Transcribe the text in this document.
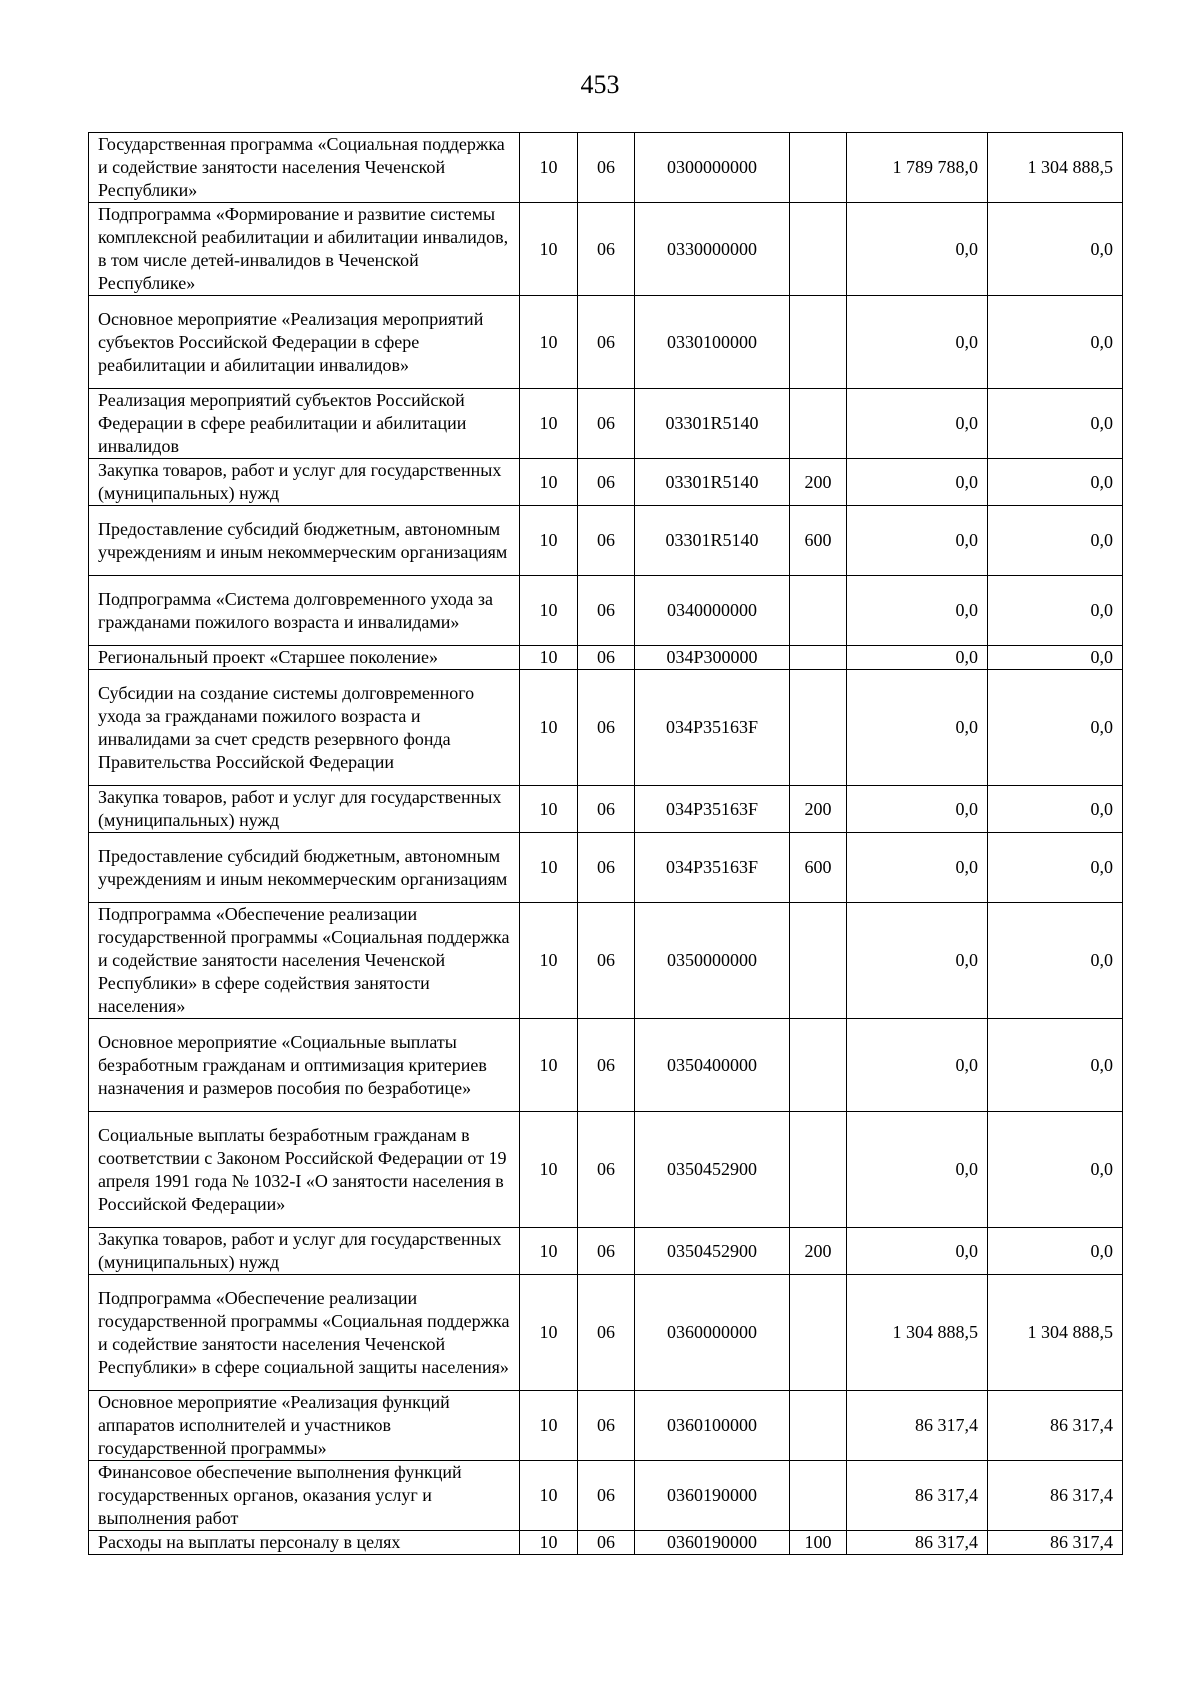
453
Государственная программа «Социальная поддержка и содействие занятости населения Чеченской Республики»	10	06	0300000000		1 789 788,0	1 304 888,5
Подпрограмма «Формирование и развитие системы комплексной реабилитации и абилитации инвалидов, в том числе детей-инвалидов в Чеченской Республике»	10	06	0330000000		0,0	0,0
Основное мероприятие «Реализация мероприятий субъектов Российской Федерации в сфере реабилитации и абилитации инвалидов»	10	06	0330100000		0,0	0,0
Реализация мероприятий субъектов Российской Федерации в сфере реабилитации и абилитации инвалидов	10	06	03301R5140		0,0	0,0
Закупка товаров, работ и услуг для государственных (муниципальных) нужд	10	06	03301R5140	200	0,0	0,0
Предоставление субсидий бюджетным, автономным учреждениям и иным некоммерческим организациям	10	06	03301R5140	600	0,0	0,0
Подпрограмма «Система долговременного ухода за гражданами пожилого возраста и инвалидами»	10	06	0340000000		0,0	0,0
Региональный проект «Старшее поколение»	10	06	034P300000		0,0	0,0
Субсидии на создание системы долговременного ухода за гражданами пожилого возраста и инвалидами за счет средств резервного фонда Правительства Российской Федерации	10	06	034P35163F		0,0	0,0
Закупка товаров, работ и услуг для государственных (муниципальных) нужд	10	06	034P35163F	200	0,0	0,0
Предоставление субсидий бюджетным, автономным учреждениям и иным некоммерческим организациям	10	06	034P35163F	600	0,0	0,0
Подпрограмма «Обеспечение реализации государственной программы «Социальная поддержка и содействие занятости населения Чеченской Республики» в сфере содействия занятости населения»	10	06	0350000000		0,0	0,0
Основное мероприятие «Социальные выплаты безработным гражданам и оптимизация критериев назначения и размеров пособия по безработице»	10	06	0350400000		0,0	0,0
Социальные выплаты безработным гражданам в соответствии с Законом Российской Федерации от 19 апреля 1991 года № 1032-I «О занятости населения в Российской Федерации»	10	06	0350452900		0,0	0,0
Закупка товаров, работ и услуг для государственных (муниципальных) нужд	10	06	0350452900	200	0,0	0,0
Подпрограмма «Обеспечение реализации государственной программы «Социальная поддержка и содействие занятости населения Чеченской Республики» в сфере социальной защиты населения»	10	06	0360000000		1 304 888,5	1 304 888,5
Основное мероприятие «Реализация функций аппаратов исполнителей и участников государственной программы»	10	06	0360100000		86 317,4	86 317,4
Финансовое обеспечение выполнения функций государственных органов, оказания услуг и выполнения работ	10	06	0360190000		86 317,4	86 317,4
Расходы на выплаты персоналу в целях	10	06	0360190000	100	86 317,4	86 317,4
